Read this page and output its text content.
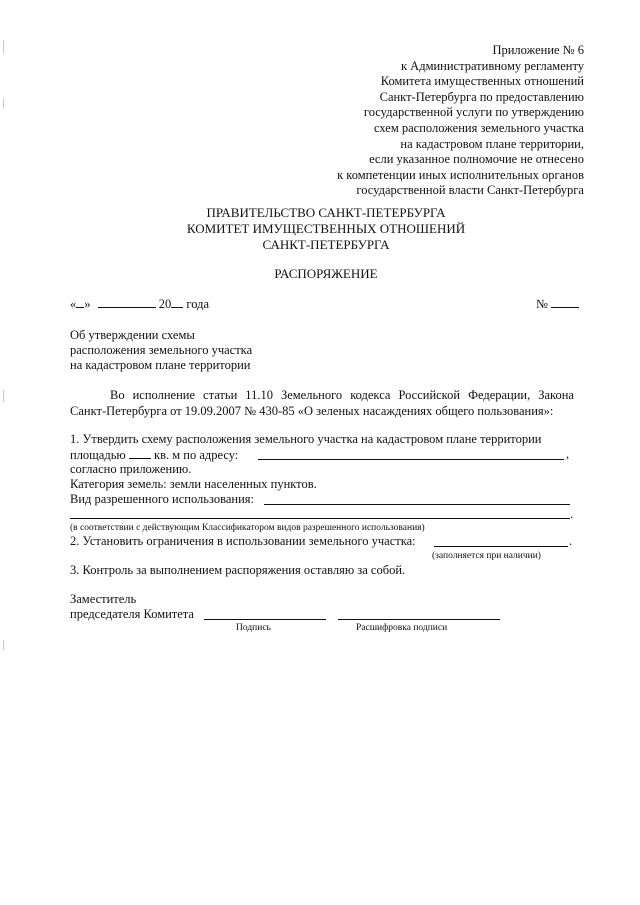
Приложение № 6
к Административному регламенту
Комитета имущественных отношений
Санкт-Петербурга по предоставлению
государственной услуги по утверждению
схем расположения земельного участка
на кадастровом плане территории,
если указанное полномочие не отнесено
к компетенции иных исполнительных органов
государственной власти Санкт-Петербурга
ПРАВИТЕЛЬСТВО САНКТ-ПЕТЕРБУРГА
КОМИТЕТ ИМУЩЕСТВЕННЫХ ОТНОШЕНИЙ
САНКТ-ПЕТЕРБУРГА
РАСПОРЯЖЕНИЕ
« »	20 года	№
Об утверждении схемы
расположения земельного участка
на кадастровом плане территории

Во исполнение статьи 11.10 Земельного кодекса Российской Федерации, Закона Санкт-Петербурга от 19.09.2007 № 430-85 «О зеленых насаждениях общего пользования»:

1. Утвердить схему расположения земельного участка на кадастровом плане территории
площадью кв. м по адресу:	,
согласно приложению.
Категория земель: земли населенных пунктов.
Вид разрешенного использования:
.
(в соответствии с действующим Классификатором видов разрешенного использования)
2. Установить ограничения в использовании земельного участка:	.
(заполняется при наличии)
3. Контроль за выполнением распоряжения оставляю за собой.
Заместитель
председателя Комитета
Подпись	Расшифровка подписи
